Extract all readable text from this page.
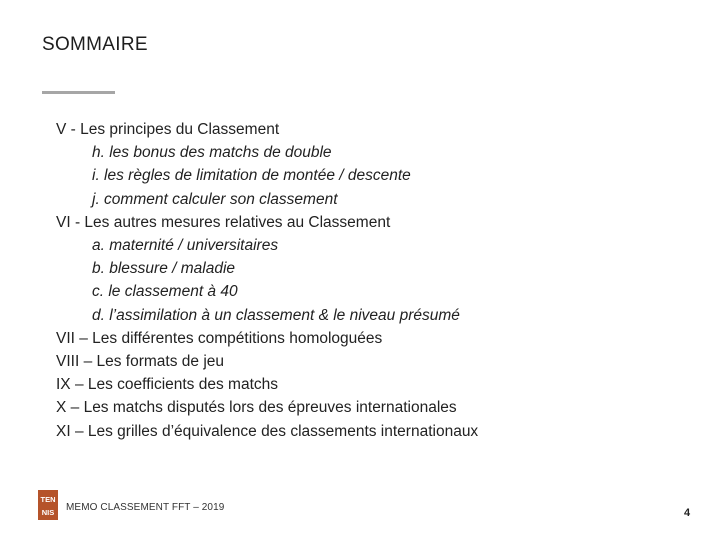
SOMMAIRE
V - Les principes du Classement
h. les bonus des matchs de double
i. les règles de limitation de montée / descente
j. comment calculer son classement
VI - Les autres mesures relatives au Classement
a. maternité / universitaires
b. blessure / maladie
c. le classement à 40
d. l’assimilation à un classement & le niveau présumé
VII – Les différentes compétitions homologuées
VIII – Les formats de jeu
IX – Les coefficients des matchs
X – Les matchs disputés lors des épreuves internationales
XI – Les grilles d’équivalence des classements internationaux
TEN
NIS MEMO CLASSEMENT FFT – 2019	4
